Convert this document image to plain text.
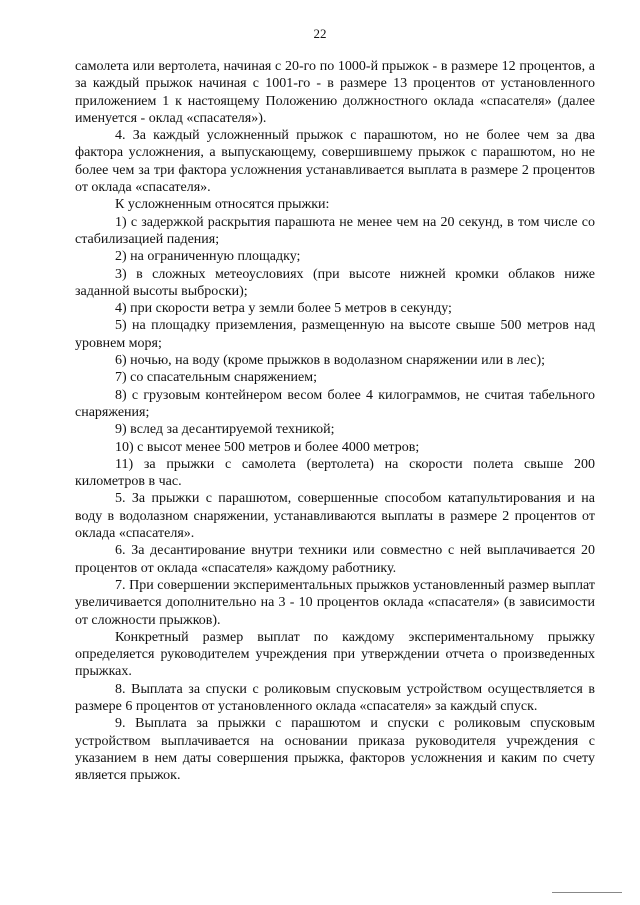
22

самолета или вертолета, начиная с 20-го по 1000-й прыжок - в размере 12 процентов, а за каждый прыжок начиная с 1001-го - в размере 13 процентов от установленного приложением 1 к настоящему Положению должностного оклада «спасателя» (далее именуется - оклад «спасателя»).

4. За каждый усложненный прыжок с парашютом, но не более чем за два фактора усложнения, а выпускающему, совершившему прыжок с парашютом, но не более чем за три фактора усложнения устанавливается выплата в размере 2 процентов от оклада «спасателя».

К усложненным относятся прыжки:

1) с задержкой раскрытия парашюта не менее чем на 20 секунд, в том числе со стабилизацией падения;

2) на ограниченную площадку;

3) в сложных метеоусловиях (при высоте нижней кромки облаков ниже заданной высоты выброски);

4) при скорости ветра у земли более 5 метров в секунду;

5) на площадку приземления, размещенную на высоте свыше 500 метров над уровнем моря;

6) ночью, на воду (кроме прыжков в водолазном снаряжении или в лес);

7) со спасательным снаряжением;

8) с грузовым контейнером весом более 4 килограммов, не считая табельного снаряжения;

9) вслед за десантируемой техникой;

10) с высот менее 500 метров и более 4000 метров;

11) за прыжки с самолета (вертолета) на скорости полета свыше 200 километров в час.

5. За прыжки с парашютом, совершенные способом катапультирования и на воду в водолазном снаряжении, устанавливаются выплаты в размере 2 процентов от оклада «спасателя».

6. За десантирование внутри техники или совместно с ней выплачивается 20 процентов от оклада «спасателя» каждому работнику.

7. При совершении экспериментальных прыжков установленный размер выплат увеличивается дополнительно на 3 - 10 процентов оклада «спасателя» (в зависимости от сложности прыжков).

Конкретный размер выплат по каждому экспериментальному прыжку определяется руководителем учреждения при утверждении отчета о произведенных прыжках.

8. Выплата за спуски с роликовым спусковым устройством осуществляется в размере 6 процентов от установленного оклада «спасателя» за каждый спуск.

9. Выплата за прыжки с парашютом и спуски с роликовым спусковым устройством выплачивается на основании приказа руководителя учреждения с указанием в нем даты совершения прыжка, факторов усложнения и каким по счету является прыжок.
